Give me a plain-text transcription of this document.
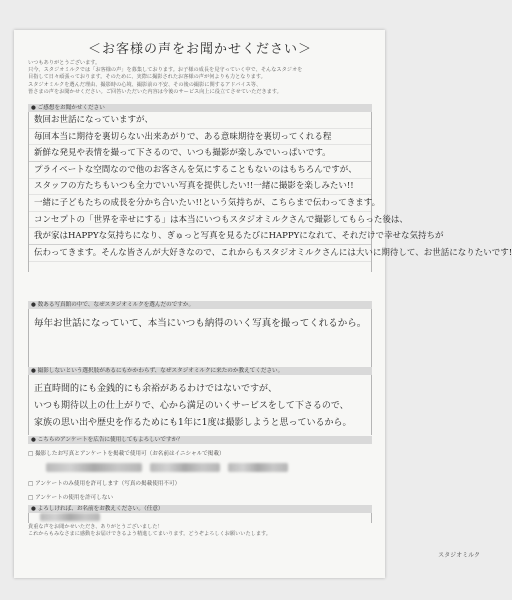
＜お客様の声をお聞かせください＞
いつもありがとうございます。
只今、スタジオミルクでは「お客様の声」を募集しております。お子様の成長を見守っていく中で、そんなスタジオを
目指して日々頑張っております。そのために、実際に撮影されたお客様の声が何よりも力となります。
スタジオミルクを選んだ理由、撮影時の心境、撮影前の不安、その後の撮影に関するアドバイス等、
皆さまの声をお聞かせください。ご回答いただいた内容は今後のサービス向上に役立てさせていただきます。
● ご感想をお聞かせください
数回お世話になっていますが、
毎回本当に期待を裏切らない出来あがりで、ある意味期待を裏切ってくれる程
新鮮な発見や表情を撮って下さるので、いつも撮影が楽しみでいっぱいです。
プライベートな空間なので他のお客さんを気にすることもないのはもちろんですが、
スタッフの方たちもいつも全力でいい写真を提供したい!!一緒に撮影を楽しみたい!!
一緒に子どもたちの成長を分かち合いたい!!という気持ちが、こちらまで伝わってきます。
コンセプトの「世界を幸せにする」は本当にいつもスタジオミルクさんで撮影してもらった後は、
我が家はHAPPYな気持ちになり、ぎゅっと写真を見るたびにHAPPYになれて、それだけで幸せな気持ちが
伝わってきます。そんな皆さんが大好きなので、これからもスタジオミルクさんには大いに期待して、お世話になりたいです!
● 数ある写真館の中で、なぜスタジオミルクを選んだのですか。
毎年お世話になっていて、本当にいつも納得のいく写真を撮ってくれるから。
● 撮影しないという選択肢があるにもかかわらず、なぜスタジオミルクに来たのか教えてください。
正直時間的にも金銭的にも余裕があるわけではないですが、
いつも期待以上の仕上がりで、心から満足のいくサービスをして下さるので、
家族の思い出や歴史を作るためにも1年に1度は撮影しようと思っているから。
● こちらのアンケートを広告に使用してもよろしいですか？
□ 撮影したお写真とアンケートを掲載で使用可（お名前はイニシャルで掲載）
□ アンケートのみ使用を許可します（写真の掲載使用不可）
□ アンケートの使用を許可しない
● よろしければ、お名前をお教えください。（任意）
貴重な声をお聞かせいただき、ありがとうございました！
これからもみなさまに感動をお届けできるよう精進してまいります。どうぞよろしくお願いいたします。
スタジオミルク
